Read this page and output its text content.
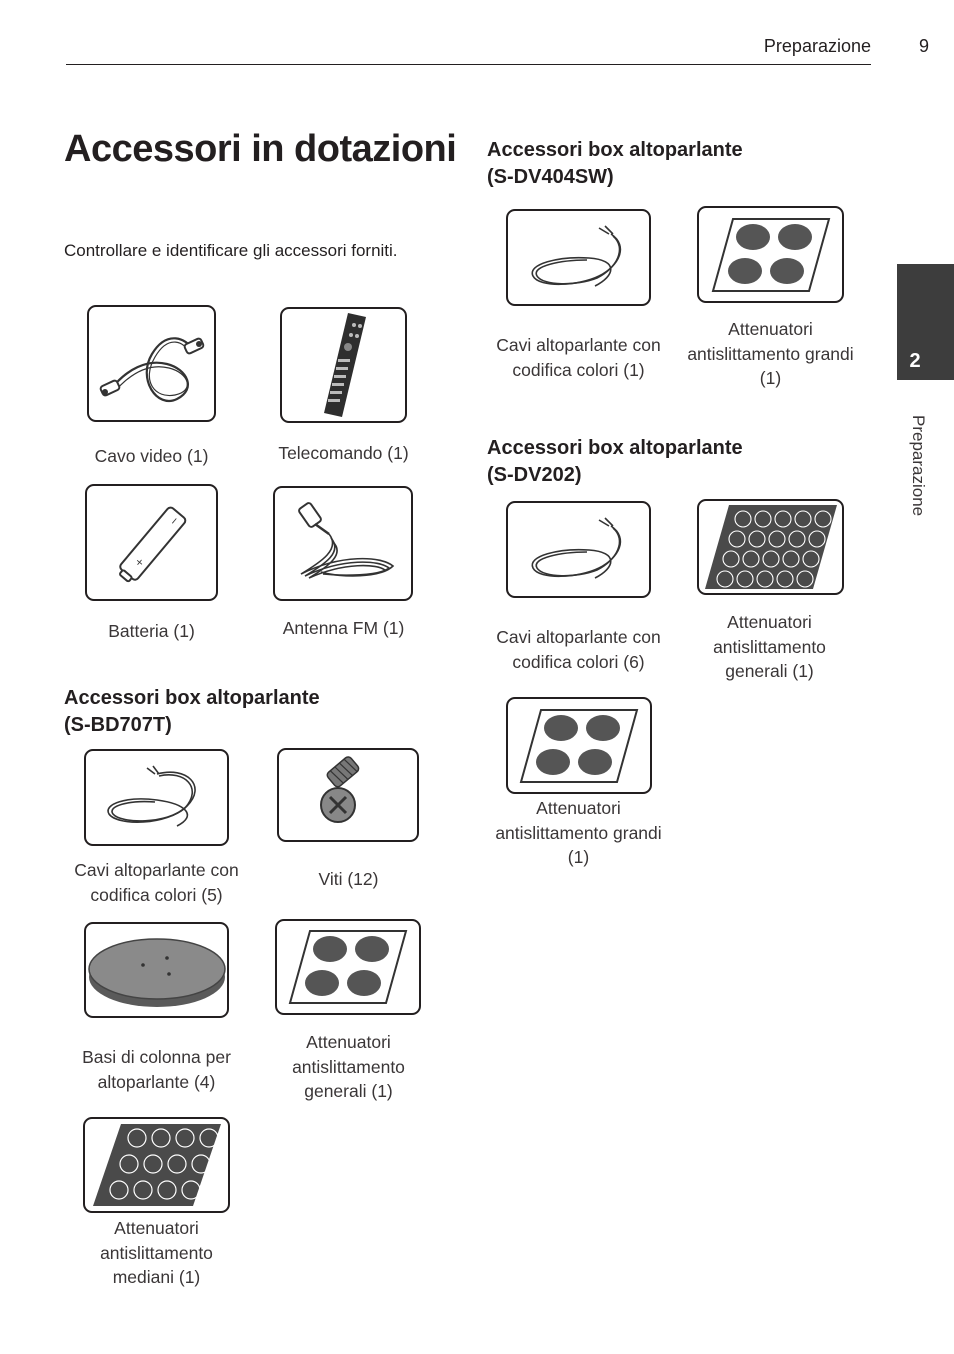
Preparazione	9
2
Preparazione
Accessori in dotazioni
Controllare e identificare gli accessori forniti.
Cavo video (1)	Telecomando (1)
+
−
Batteria (1)	Antenna FM (1)
Accessori box altoparlante
(S-BD707T)
Cavi altoparlante con
codifica colori (5)
Viti (12)
Basi di colonna per
altoparlante (4)
Attenuatori
antislittamento
generali (1)
Attenuatori
antislittamento
mediani (1)
Accessori box altoparlante
(S-DV404SW)
Cavi altoparlante con
codifica colori (1)
Attenuatori
antislittamento grandi
(1)
Accessori box altoparlante
(S-DV202)
Cavi altoparlante con
codifica colori (6)
Attenuatori
antislittamento
generali (1)
Attenuatori
antislittamento grandi
(1)
